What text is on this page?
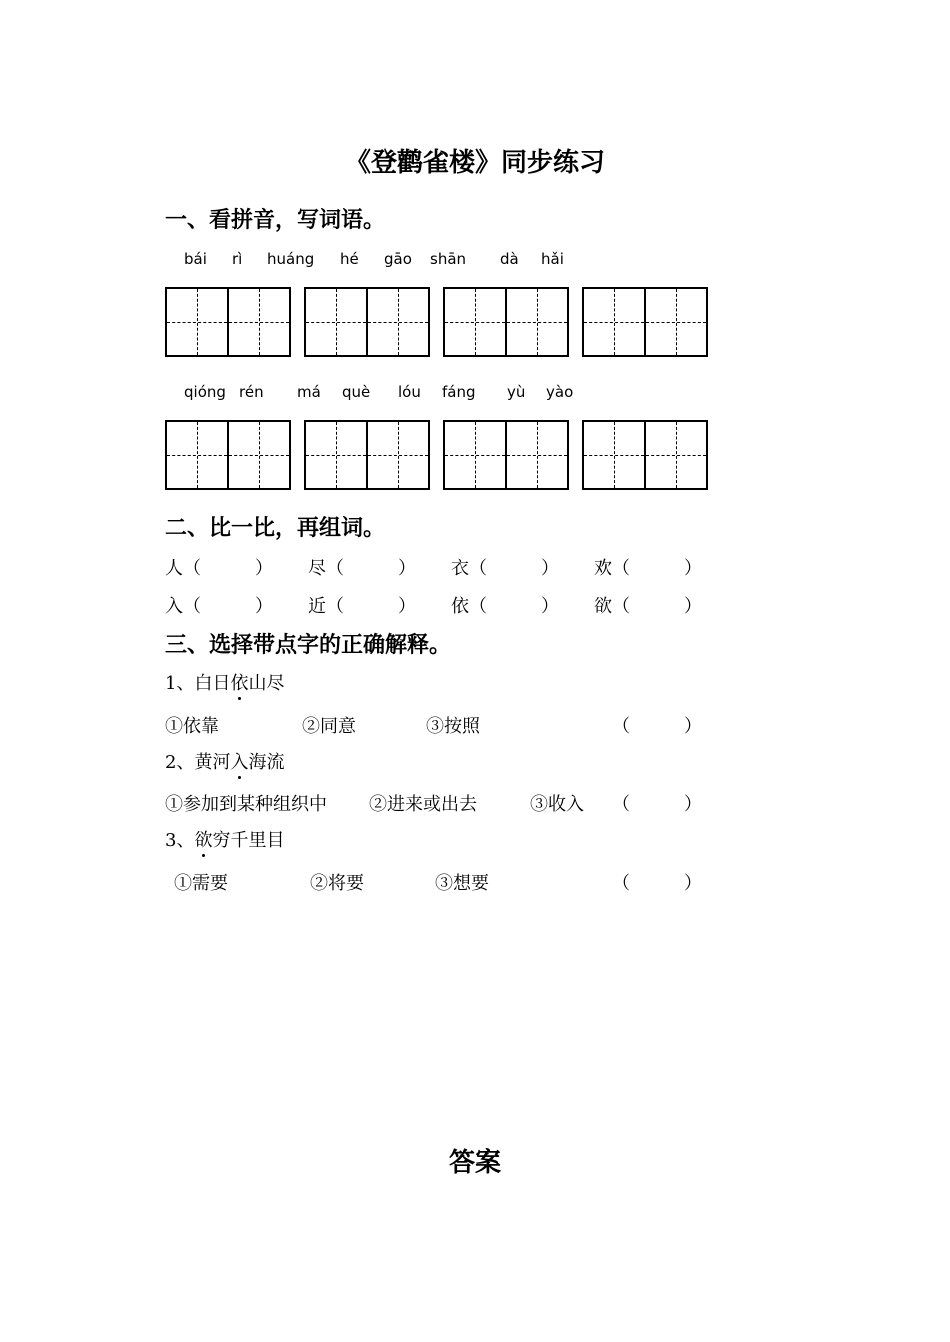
《登鹳雀楼》同步练习
一、看拼音，写词语。
bái rì huáng hé gāo shān dà hǎi
qióng rén má què lóu fáng yù yào
二、比一比，再组词。
人（　　　） 尽（　　　） 衣（　　　） 欢（　　　）
入（　　　） 近（　　　） 依（　　　） 欲（　　　）
三、选择带点字的正确解释。
1、白日依山尽
①依靠	②同意	③按照	（　　　）
2、黄河入海流
①参加到某种组织中 ②进来或出去	③收入 （　　　）
3、欲穷千里目
①需要	②将要	③想要	（　　　）
答案
